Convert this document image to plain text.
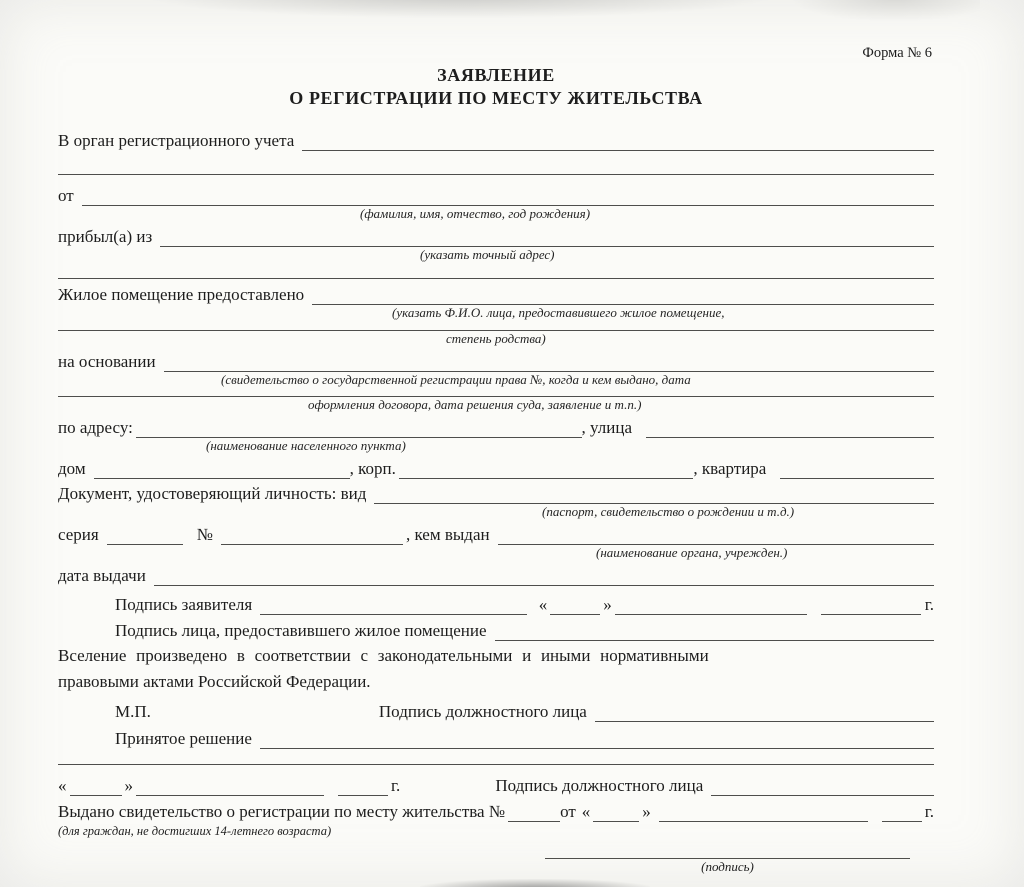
Форма № 6
ЗАЯВЛЕНИЕ
О РЕГИСТРАЦИИ ПО МЕСТУ ЖИТЕЛЬСТВА
В орган регистрационного учета
от
(фамилия, имя, отчество, год рождения)
прибыл(а) из
(указать точный адрес)
Жилое помещение предоставлено
(указать Ф.И.О. лица, предоставившего жилое помещение,
степень родства)
на основании
(свидетельство о государственной регистрации права №, когда и кем выдано, дата
оформления договора, дата решения суда, заявление и т.п.)
по адресу:	, улица
(наименование населенного пункта)
дом	, корп.	, квартира
Документ, удостоверяющий личность: вид
(паспорт, свидетельство о рождении и т.д.)
серия	№	, кем выдан
(наименование органа, учрежден.)
дата выдачи
Подпись заявителя	«	»	г.
Подпись лица, предоставившего жилое помещение
Вселение произведено в соответствии с законодательными и иными нормативными
правовыми актами Российской Федерации.
М.П.	Подпись должностного лица
Принятое решение
«	»	г.	Подпись должностного лица
Выдано свидетельство о регистрации по месту жительства №	от «	»	г.
(для граждан, не достигших 14-летнего возраста)
(подпись)
